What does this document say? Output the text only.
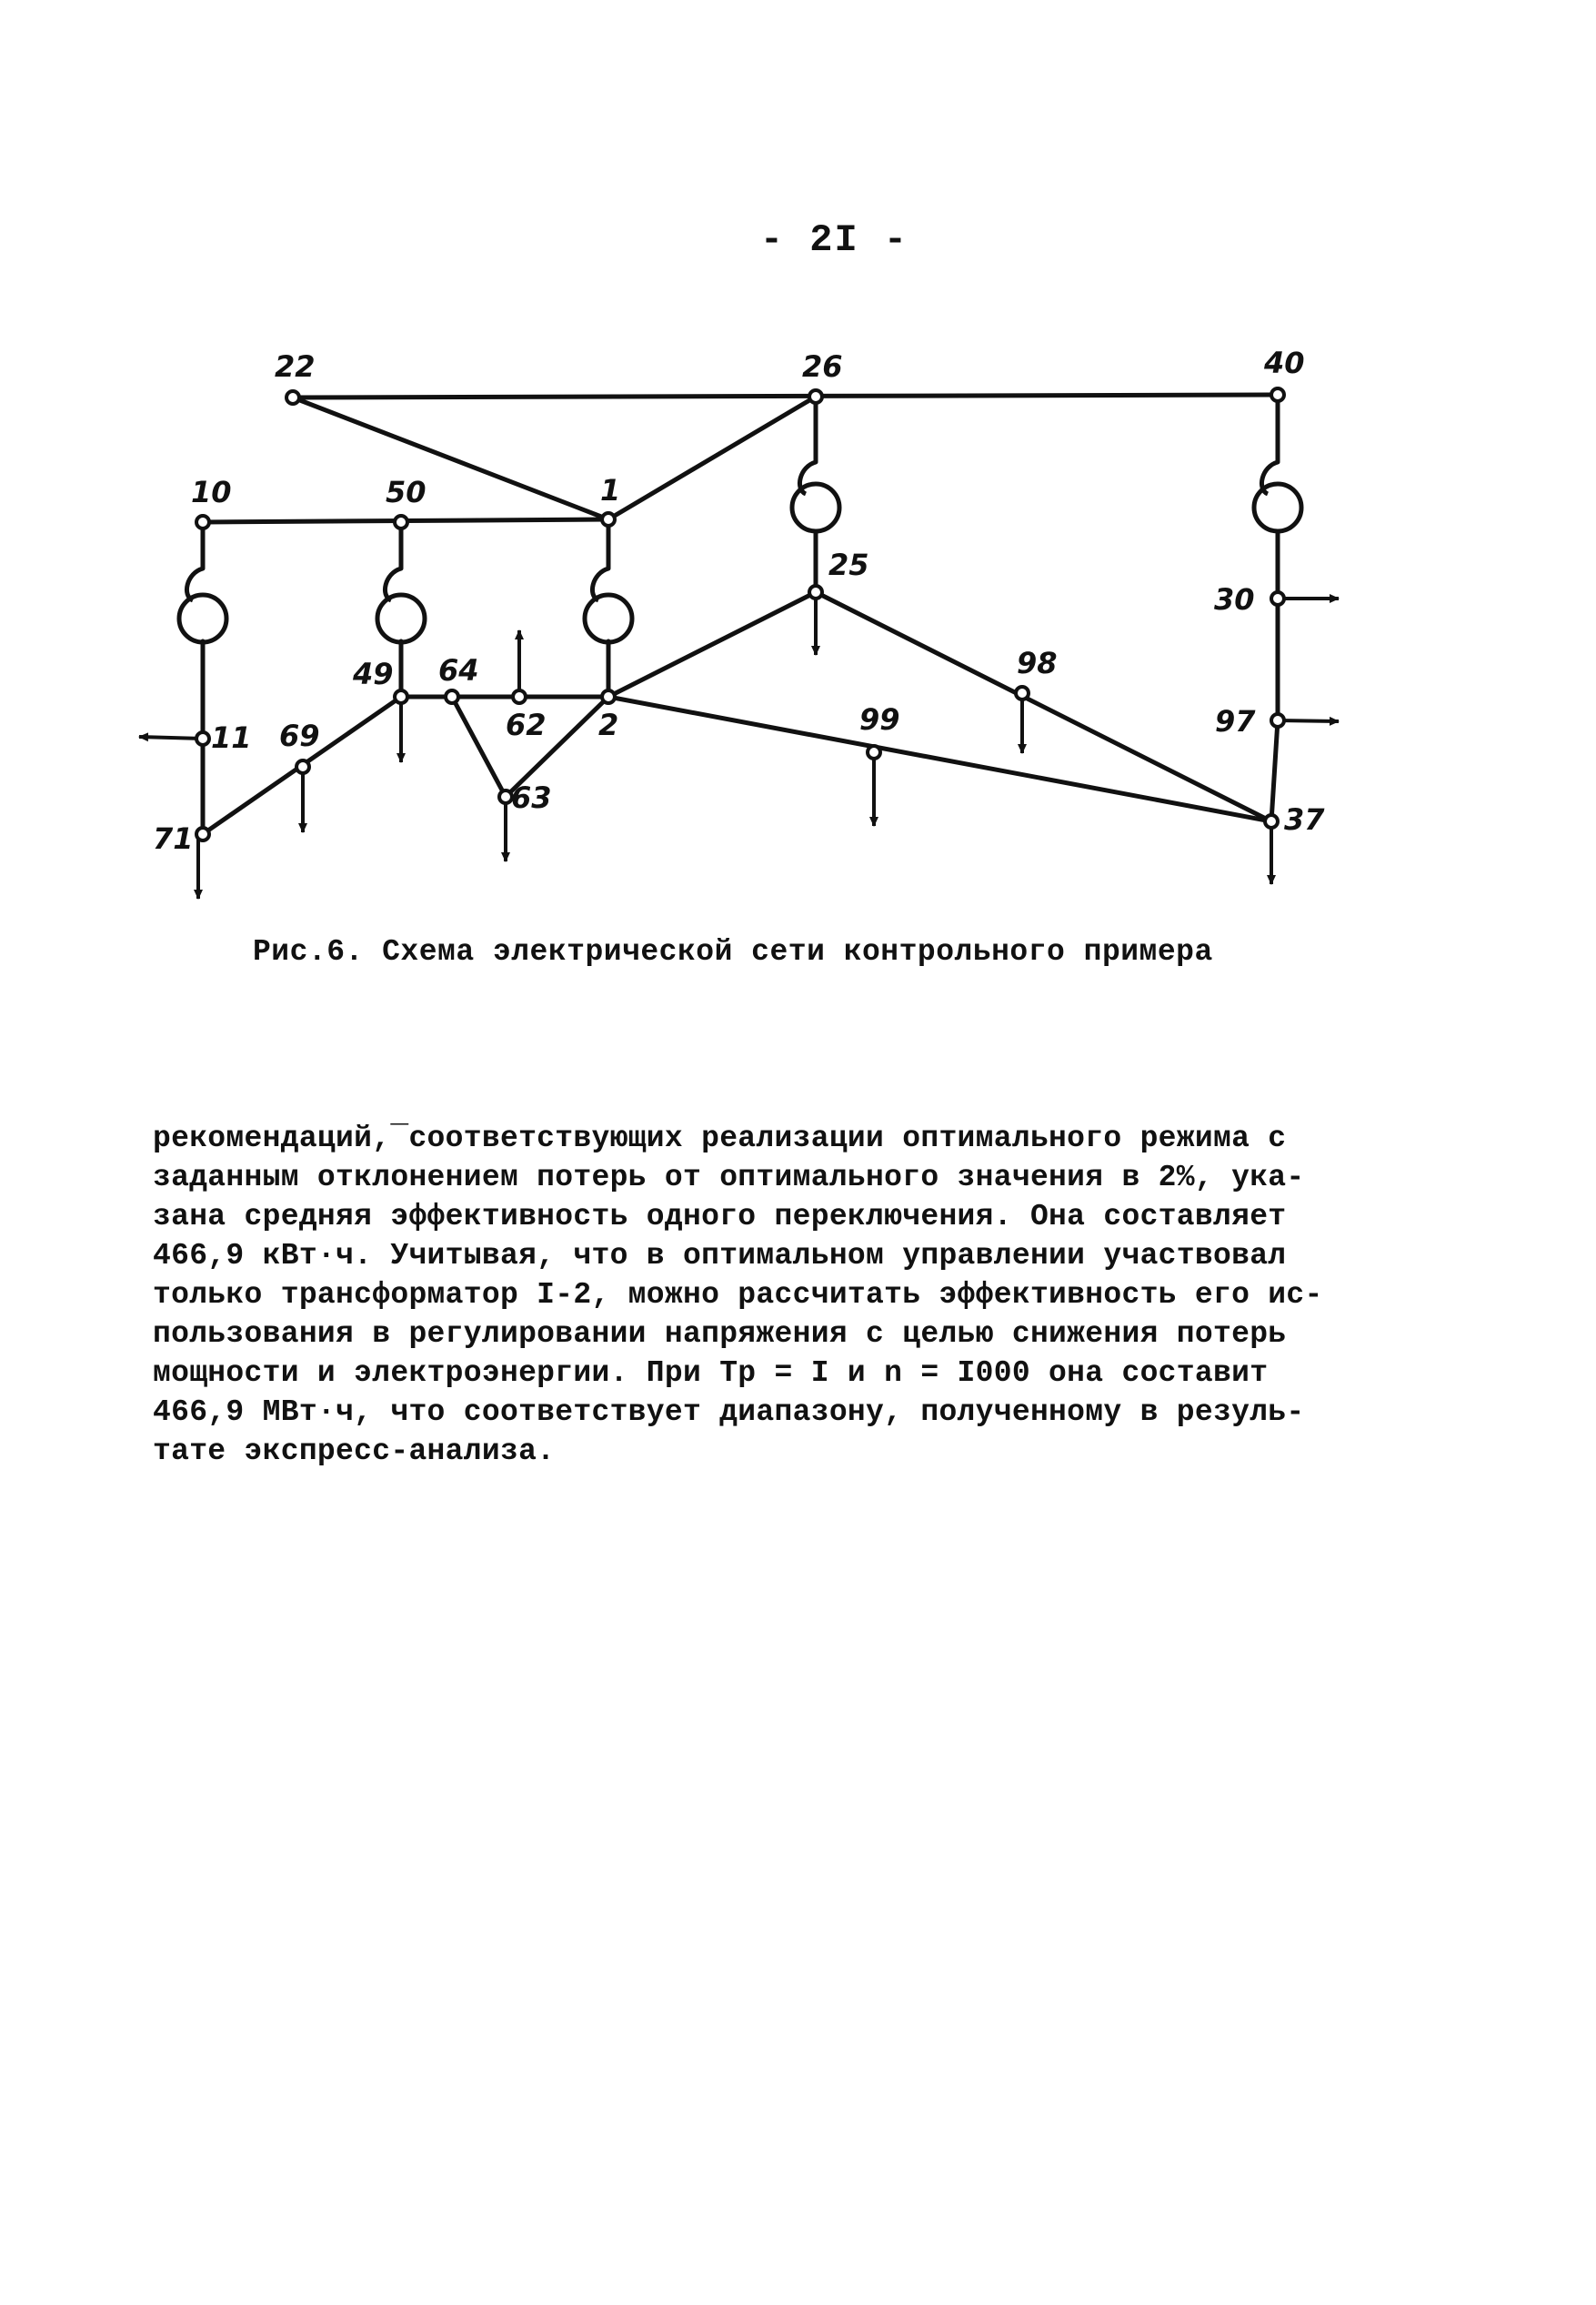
- 2I -
22	26	40
10	50	1
25
30
49 64
62 2
98
99	97
11 69
63
71
37
Рис.6. Схема электрической сети контрольного примера
рекомендаций,¯соответствующих реализации оптимального режима с
заданным отклонением потерь от оптимального значения в 2%, ука-
зана средняя эффективность одного переключения. Она составляет
466,9 кВт·ч. Учитывая, что в оптимальном управлении участвовал
только трансформатор I-2, можно рассчитать эффективность его ис-
пользования в регулировании напряжения с целью снижения потерь
мощности и электроэнергии. При Tр = I и n = I000 она составит
466,9 МВт·ч, что соответствует диапазону, полученному в резуль-
тате экспресс-анализа.
